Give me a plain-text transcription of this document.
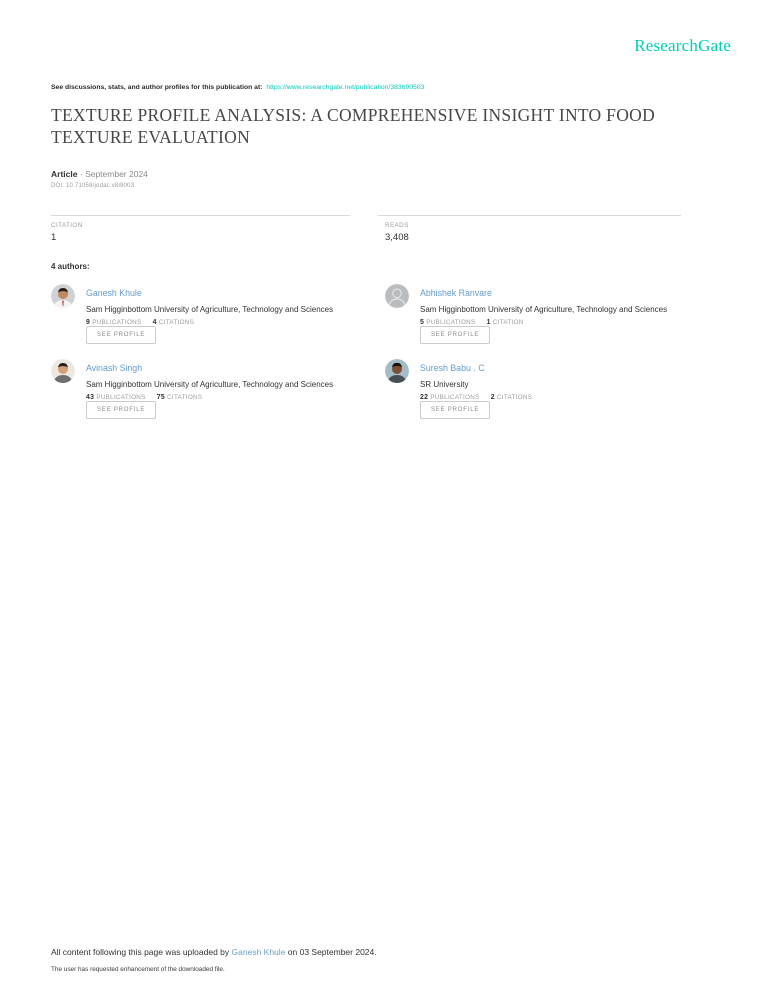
ResearchGate
See discussions, stats, and author profiles for this publication at: https://www.researchgate.net/publication/383690503
TEXTURE PROFILE ANALYSIS: A COMPREHENSIVE INSIGHT INTO FOOD TEXTURE EVALUATION
Article · September 2024
DOI: 10.71058/jodac.v8i9003
CITATION
1
READS
3,408
4 authors:
Ganesh Khule
Sam Higginbottom University of Agriculture, Technology and Sciences
9 PUBLICATIONS 4 CITATIONS
SEE PROFILE
Abhishek Ranvare
Sam Higginbottom University of Agriculture, Technology and Sciences
5 PUBLICATIONS 1 CITATION
SEE PROFILE
Avinash Singh
Sam Higginbottom University of Agriculture, Technology and Sciences
43 PUBLICATIONS 75 CITATIONS
SEE PROFILE
Suresh Babu . C
SR University
22 PUBLICATIONS 2 CITATIONS
SEE PROFILE
All content following this page was uploaded by Ganesh Khule on 03 September 2024.
The user has requested enhancement of the downloaded file.
